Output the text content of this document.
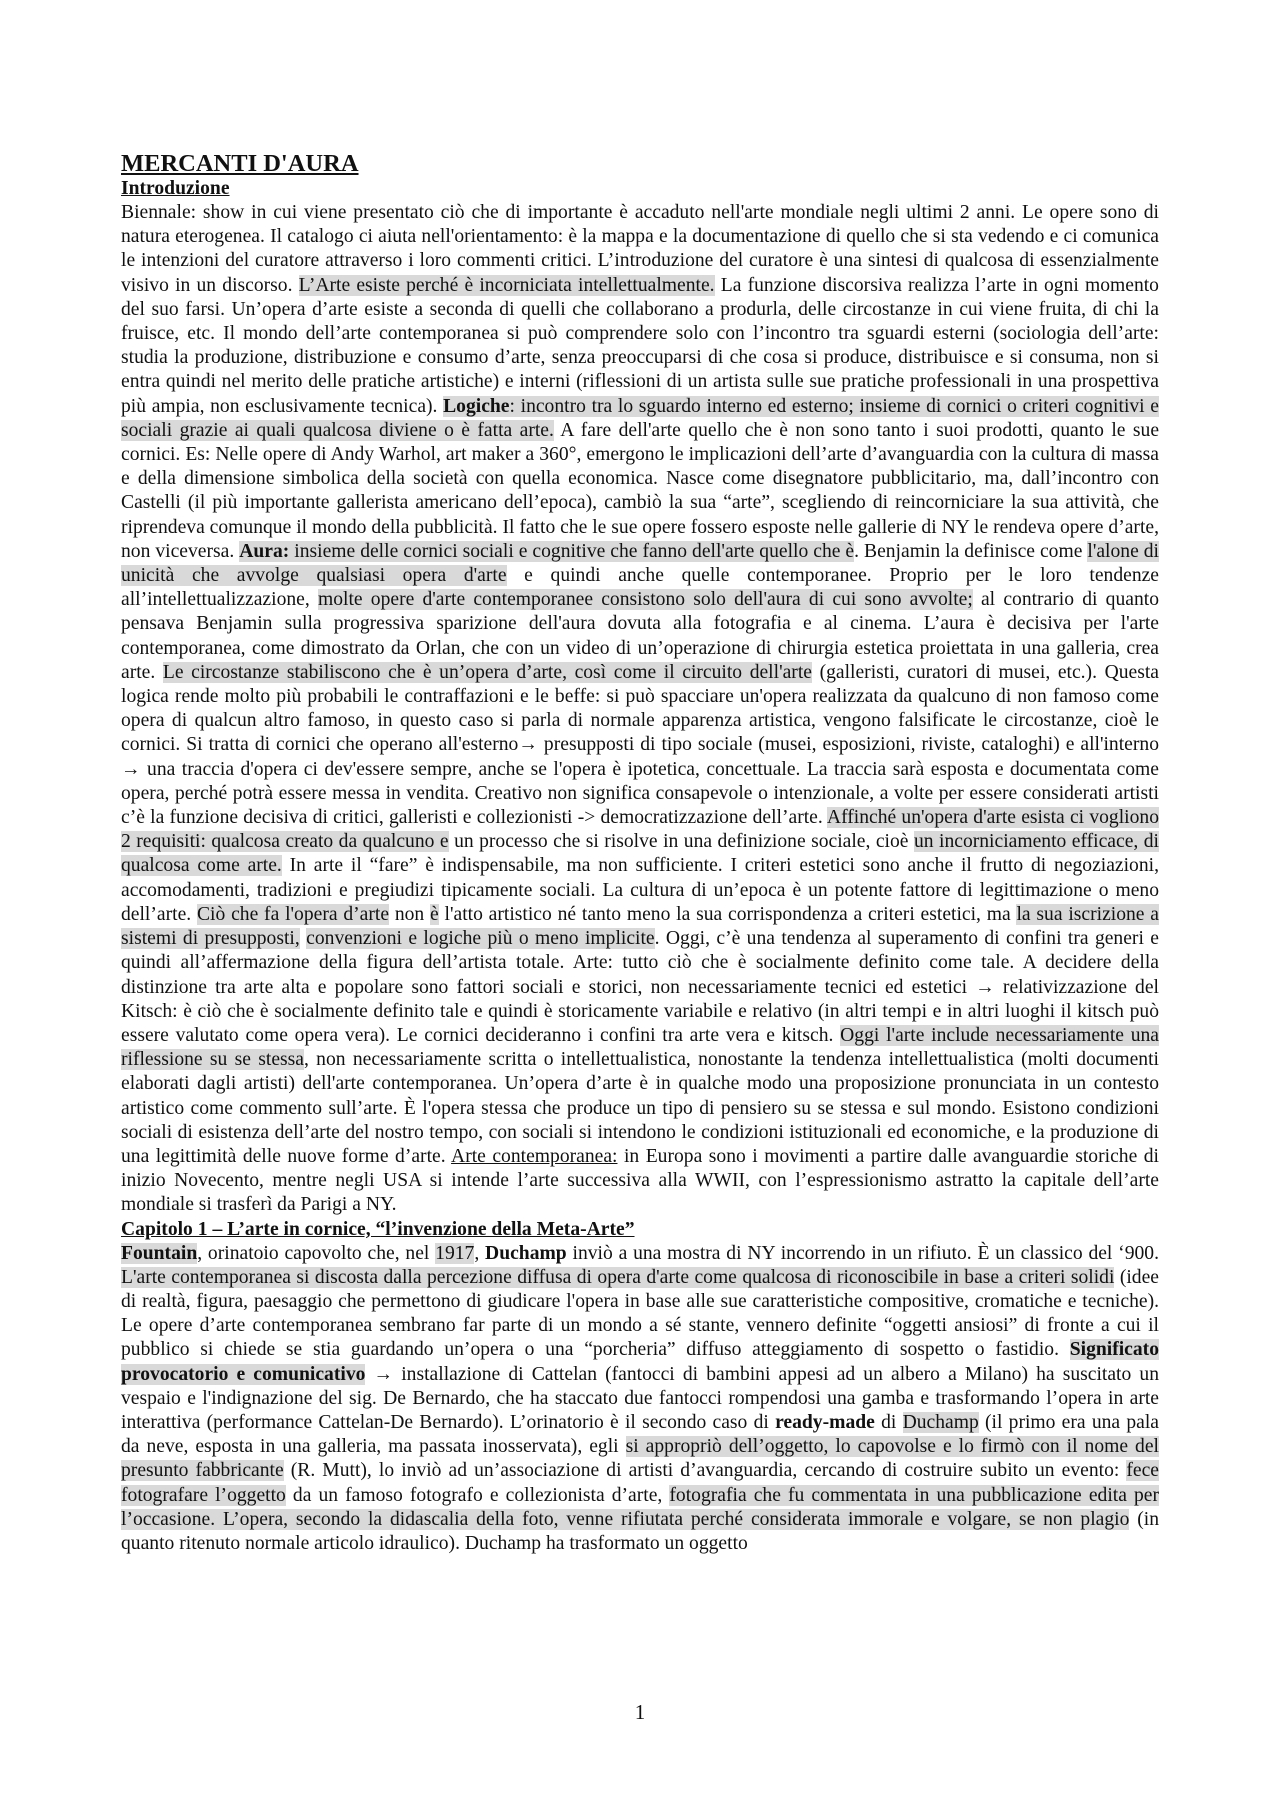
MERCANTI D'AURA
Introduzione

Biennale: show in cui viene presentato ciò che di importante è accaduto nell'arte mondiale negli ultimi 2 anni. Le opere sono di natura eterogenea. Il catalogo ci aiuta nell'orientamento: è la mappa e la documentazione di quello che si sta vedendo e ci comunica le intenzioni del curatore attraverso i loro commenti critici. L’introduzione del curatore è una sintesi di qualcosa di essenzialmente visivo in un discorso. L’Arte esiste perché è incorniciata intellettualmente. La funzione discorsiva realizza l’arte in ogni momento del suo farsi. Un’opera d’arte esiste a seconda di quelli che collaborano a produrla, delle circostanze in cui viene fruita, di chi la fruisce, etc. Il mondo dell’arte contemporanea si può comprendere solo con l’incontro tra sguardi esterni (sociologia dell’arte: studia la produzione, distribuzione e consumo d’arte, senza preoccuparsi di che cosa si produce, distribuisce e si consuma, non si entra quindi nel merito delle pratiche artistiche) e interni (riflessioni di un artista sulle sue pratiche professionali in una prospettiva più ampia, non esclusivamente tecnica). Logiche: incontro tra lo sguardo interno ed esterno; insieme di cornici o criteri cognitivi e sociali grazie ai quali qualcosa diviene o è fatta arte. A fare dell'arte quello che è non sono tanto i suoi prodotti, quanto le sue cornici. Es: Nelle opere di Andy Warhol, art maker a 360°, emergono le implicazioni dell’arte d’avanguardia con la cultura di massa e della dimensione simbolica della società con quella economica. Nasce come disegnatore pubblicitario, ma, dall’incontro con Castelli (il più importante gallerista americano dell’epoca), cambiò la sua “arte”, scegliendo di reincorniciare la sua attività, che riprendeva comunque il mondo della pubblicità. Il fatto che le sue opere fossero esposte nelle gallerie di NY le rendeva opere d’arte, non viceversa. Aura: insieme delle cornici sociali e cognitive che fanno dell'arte quello che è. Benjamin la definisce come l'alone di unicità che avvolge qualsiasi opera d'arte e quindi anche quelle contemporanee. Proprio per le loro tendenze all’intellettualizzazione, molte opere d'arte contemporanee consistono solo dell'aura di cui sono avvolte; al contrario di quanto pensava Benjamin sulla progressiva sparizione dell'aura dovuta alla fotografia e al cinema. L’aura è decisiva per l'arte contemporanea, come dimostrato da Orlan, che con un video di un’operazione di chirurgia estetica proiettata in una galleria, crea arte. Le circostanze stabiliscono che è un’opera d’arte, così come il circuito dell'arte (galleristi, curatori di musei, etc.). Questa logica rende molto più probabili le contraffazioni e le beffe: si può spacciare un'opera realizzata da qualcuno di non famoso come opera di qualcun altro famoso, in questo caso si parla di normale apparenza artistica, vengono falsificate le circostanze, cioè le cornici. Si tratta di cornici che operano all'esterno→ presupposti di tipo sociale (musei, esposizioni, riviste, cataloghi) e all'interno → una traccia d'opera ci dev'essere sempre, anche se l'opera è ipotetica, concettuale. La traccia sarà esposta e documentata come opera, perché potrà essere messa in vendita. Creativo non significa consapevole o intenzionale, a volte per essere considerati artisti c’è la funzione decisiva di critici, galleristi e collezionisti -> democratizzazione dell’arte. Affinché un'opera d'arte esista ci vogliono 2 requisiti: qualcosa creato da qualcuno e un processo che si risolve in una definizione sociale, cioè un incorniciamento efficace, di qualcosa come arte. In arte il “fare” è indispensabile, ma non sufficiente. I criteri estetici sono anche il frutto di negoziazioni, accomodamenti, tradizioni e pregiudizi tipicamente sociali. La cultura di un’epoca è un potente fattore di legittimazione o meno dell’arte. Ciò che fa l'opera d’arte non è l'atto artistico né tanto meno la sua corrispondenza a criteri estetici, ma la sua iscrizione a sistemi di presupposti, convenzioni e logiche più o meno implicite. Oggi, c’è una tendenza al superamento di confini tra generi e quindi all’affermazione della figura dell’artista totale. Arte: tutto ciò che è socialmente definito come tale. A decidere della distinzione tra arte alta e popolare sono fattori sociali e storici, non necessariamente tecnici ed estetici → relativizzazione del Kitsch: è ciò che è socialmente definito tale e quindi è storicamente variabile e relativo (in altri tempi e in altri luoghi il kitsch può essere valutato come opera vera). Le cornici decideranno i confini tra arte vera e kitsch. Oggi l'arte include necessariamente una riflessione su se stessa, non necessariamente scritta o intellettualistica, nonostante la tendenza intellettualistica (molti documenti elaborati dagli artisti) dell'arte contemporanea. Un’opera d’arte è in qualche modo una proposizione pronunciata in un contesto artistico come commento sull’arte. È l'opera stessa che produce un tipo di pensiero su se stessa e sul mondo. Esistono condizioni sociali di esistenza dell’arte del nostro tempo, con sociali si intendono le condizioni istituzionali ed economiche, e la produzione di una legittimità delle nuove forme d’arte. Arte contemporanea: in Europa sono i movimenti a partire dalle avanguardie storiche di inizio Novecento, mentre negli USA si intende l’arte successiva alla WWII, con l’espressionismo astratto la capitale dell’arte mondiale si trasferì da Parigi a NY.

Capitolo 1 – L’arte in cornice, “l’invenzione della Meta-Arte”

Fountain, orinatoio capovolto che, nel 1917, Duchamp inviò a una mostra di NY incorrendo in un rifiuto. È un classico del ‘900. L'arte contemporanea si discosta dalla percezione diffusa di opera d'arte come qualcosa di riconoscibile in base a criteri solidi (idee di realtà, figura, paesaggio che permettono di giudicare l'opera in base alle sue caratteristiche compositive, cromatiche e tecniche). Le opere d’arte contemporanea sembrano far parte di un mondo a sé stante, vennero definite “oggetti ansiosi” di fronte a cui il pubblico si chiede se stia guardando un’opera o una “porcheria” diffuso atteggiamento di sospetto o fastidio. Significato provocatorio e comunicativo → installazione di Cattelan (fantocci di bambini appesi ad un albero a Milano) ha suscitato un vespaio e l'indignazione del sig. De Bernardo, che ha staccato due fantocci rompendosi una gamba e trasformando l’opera in arte interattiva (performance Cattelan-De Bernardo). L’orinatorio è il secondo caso di ready-made di Duchamp (il primo era una pala da neve, esposta in una galleria, ma passata inosservata), egli si appropriò dell’oggetto, lo capovolse e lo firmò con il nome del presunto fabbricante (R. Mutt), lo inviò ad un’associazione di artisti d’avanguardia, cercando di costruire subito un evento: fece fotografare l’oggetto da un famoso fotografo e collezionista d’arte, fotografia che fu commentata in una pubblicazione edita per l’occasione. L’opera, secondo la didascalia della foto, venne rifiutata perché considerata immorale e volgare, se non plagio (in quanto ritenuto normale articolo idraulico). Duchamp ha trasformato un oggetto

1
